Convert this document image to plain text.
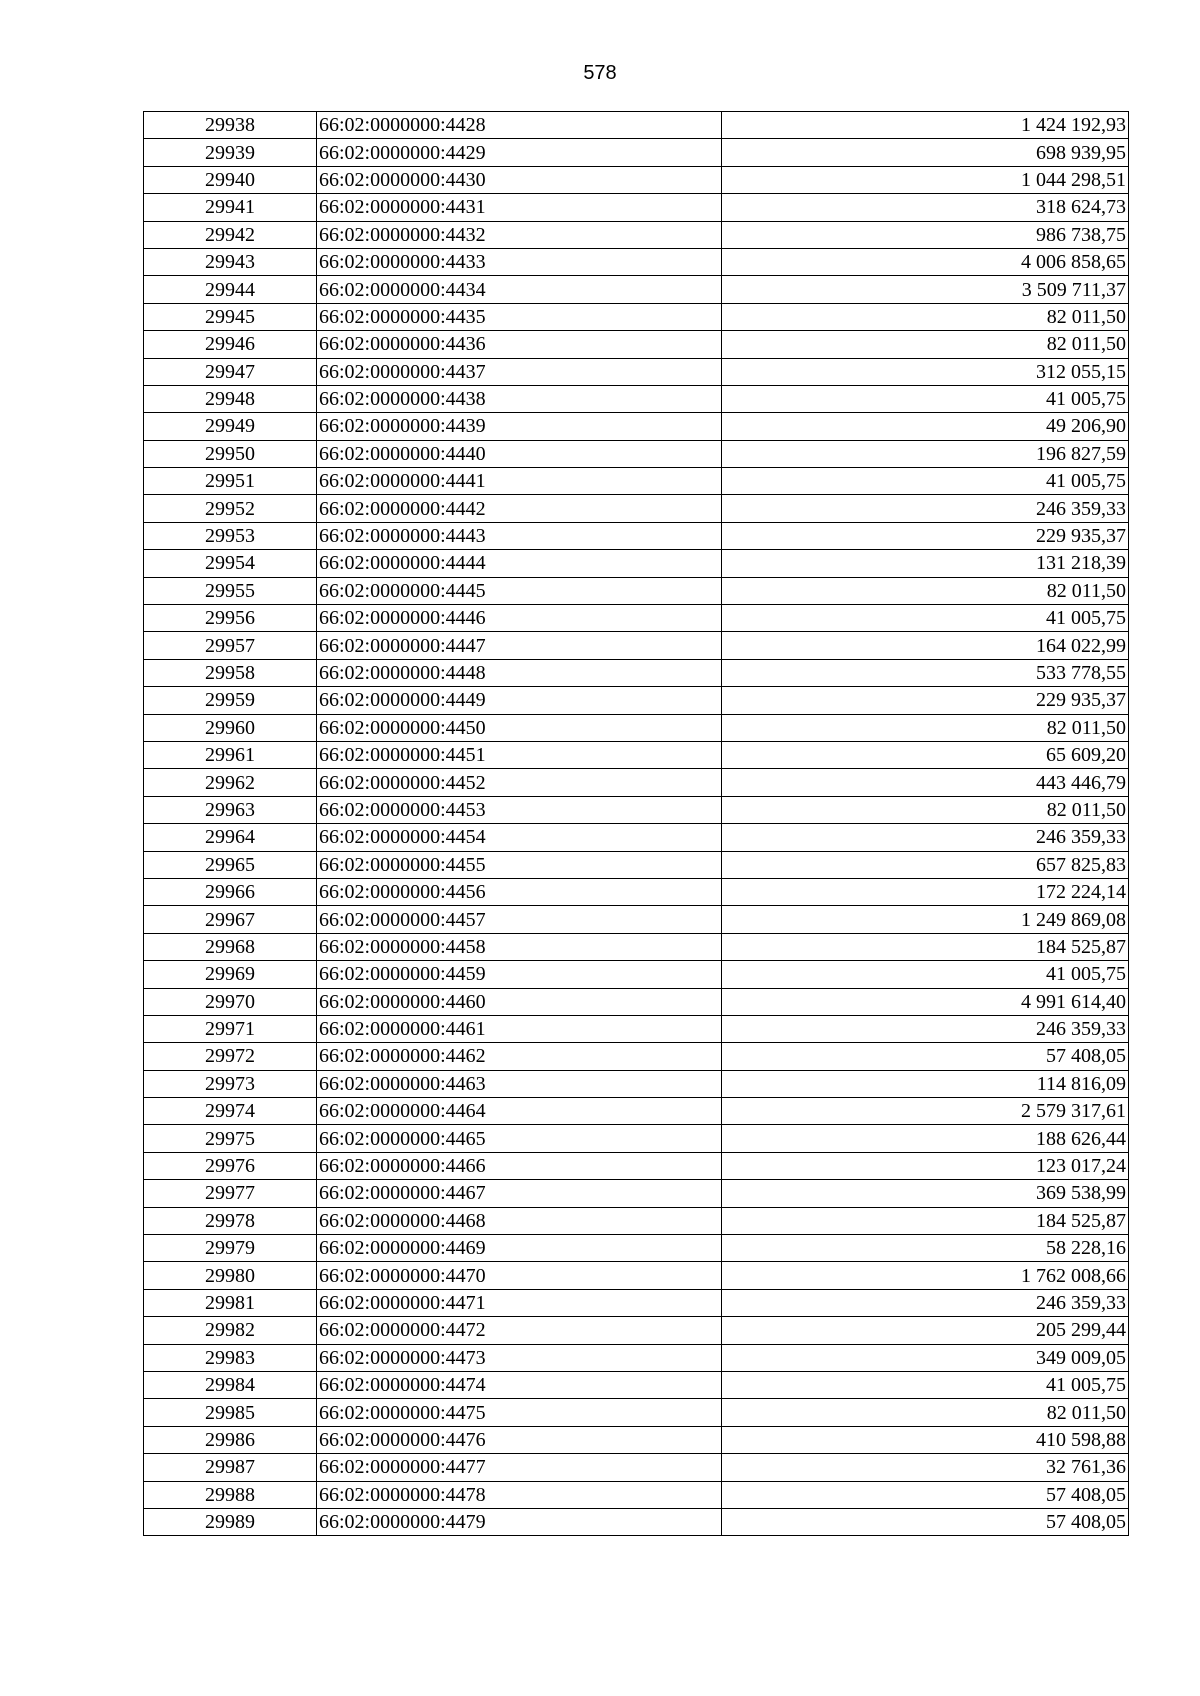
578
29938	66:02:0000000:4428	1 424 192,93
29939	66:02:0000000:4429	698 939,95
29940	66:02:0000000:4430	1 044 298,51
29941	66:02:0000000:4431	318 624,73
29942	66:02:0000000:4432	986 738,75
29943	66:02:0000000:4433	4 006 858,65
29944	66:02:0000000:4434	3 509 711,37
29945	66:02:0000000:4435	82 011,50
29946	66:02:0000000:4436	82 011,50
29947	66:02:0000000:4437	312 055,15
29948	66:02:0000000:4438	41 005,75
29949	66:02:0000000:4439	49 206,90
29950	66:02:0000000:4440	196 827,59
29951	66:02:0000000:4441	41 005,75
29952	66:02:0000000:4442	246 359,33
29953	66:02:0000000:4443	229 935,37
29954	66:02:0000000:4444	131 218,39
29955	66:02:0000000:4445	82 011,50
29956	66:02:0000000:4446	41 005,75
29957	66:02:0000000:4447	164 022,99
29958	66:02:0000000:4448	533 778,55
29959	66:02:0000000:4449	229 935,37
29960	66:02:0000000:4450	82 011,50
29961	66:02:0000000:4451	65 609,20
29962	66:02:0000000:4452	443 446,79
29963	66:02:0000000:4453	82 011,50
29964	66:02:0000000:4454	246 359,33
29965	66:02:0000000:4455	657 825,83
29966	66:02:0000000:4456	172 224,14
29967	66:02:0000000:4457	1 249 869,08
29968	66:02:0000000:4458	184 525,87
29969	66:02:0000000:4459	41 005,75
29970	66:02:0000000:4460	4 991 614,40
29971	66:02:0000000:4461	246 359,33
29972	66:02:0000000:4462	57 408,05
29973	66:02:0000000:4463	114 816,09
29974	66:02:0000000:4464	2 579 317,61
29975	66:02:0000000:4465	188 626,44
29976	66:02:0000000:4466	123 017,24
29977	66:02:0000000:4467	369 538,99
29978	66:02:0000000:4468	184 525,87
29979	66:02:0000000:4469	58 228,16
29980	66:02:0000000:4470	1 762 008,66
29981	66:02:0000000:4471	246 359,33
29982	66:02:0000000:4472	205 299,44
29983	66:02:0000000:4473	349 009,05
29984	66:02:0000000:4474	41 005,75
29985	66:02:0000000:4475	82 011,50
29986	66:02:0000000:4476	410 598,88
29987	66:02:0000000:4477	32 761,36
29988	66:02:0000000:4478	57 408,05
29989	66:02:0000000:4479	57 408,05
